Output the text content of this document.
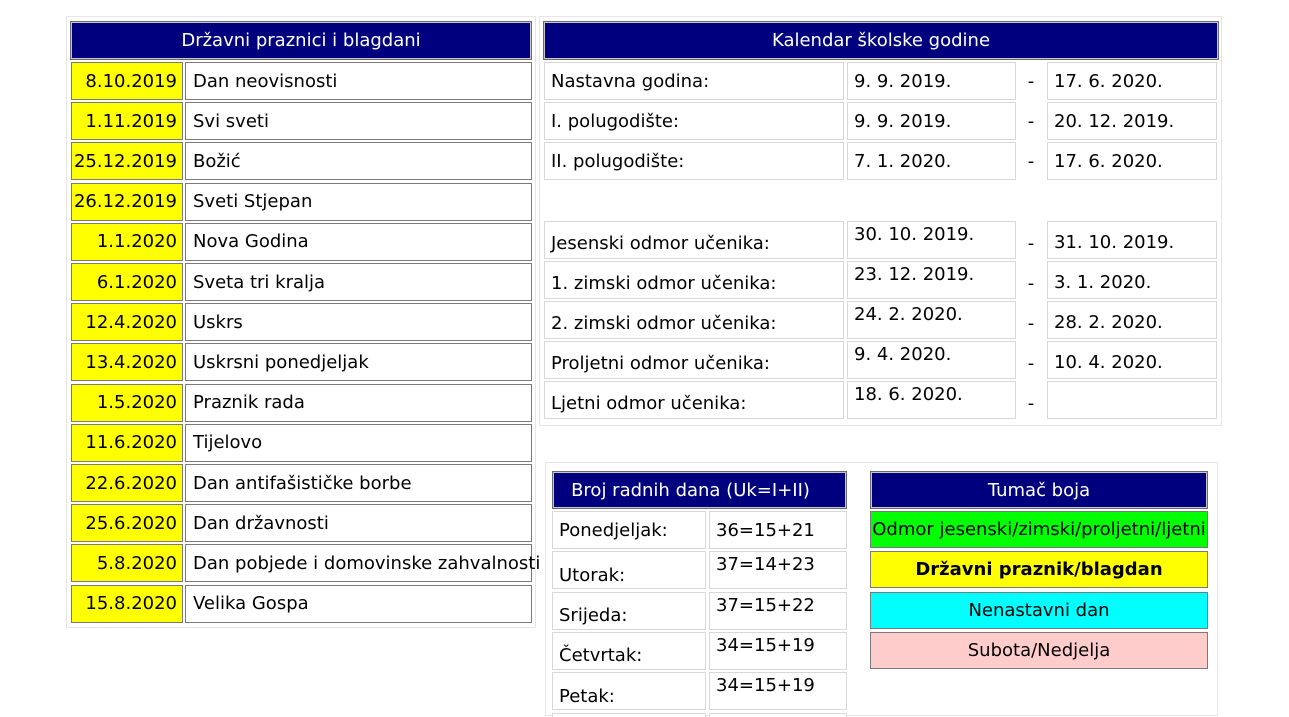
Državni praznici i blagdani
8.10.2019 Dan neovisnosti
1.11.2019 Svi sveti
25.12.2019 Božić
26.12.2019 Sveti Stjepan
1.1.2020 Nova Godina
6.1.2020 Sveta tri kralja
12.4.2020 Uskrs
13.4.2020 Uskrsni ponedjeljak
1.5.2020 Praznik rada
11.6.2020 Tijelovo
22.6.2020 Dan antifašističke borbe
25.6.2020 Dan državnosti
5.8.2020 Dan pobjede i domovinske zahvalnosti
15.8.2020 Velika Gospa
Kalendar školske godine
Nastavna godina:	9. 9. 2019.	-	17. 6. 2020.
I. polugodište:	9. 9. 2019.	-	20. 12. 2019.
II. polugodište:	7. 1. 2020.	-	17. 6. 2020.
Jesenski odmor učenika:	30. 10. 2019.	-	31. 10. 2019.
1. zimski odmor učenika:	23. 12. 2019.	-	3. 1. 2020.
2. zimski odmor učenika:	24. 2. 2020.	-	28. 2. 2020.
Proljetni odmor učenika:	9. 4. 2020.	-	10. 4. 2020.
Ljetni odmor učenika:	18. 6. 2020.	-
Broj radnih dana (Uk=I+II)
Ponedjeljak:	36=15+21
Utorak:	37=14+23
Srijeda:	37=15+22
Četvrtak:	34=15+19
Petak:	34=15+19
Tumač boja
Odmor jesenski/zimski/proljetni/ljetni
Državni praznik/blagdan
Nenastavni dan
Subota/Nedjelja
